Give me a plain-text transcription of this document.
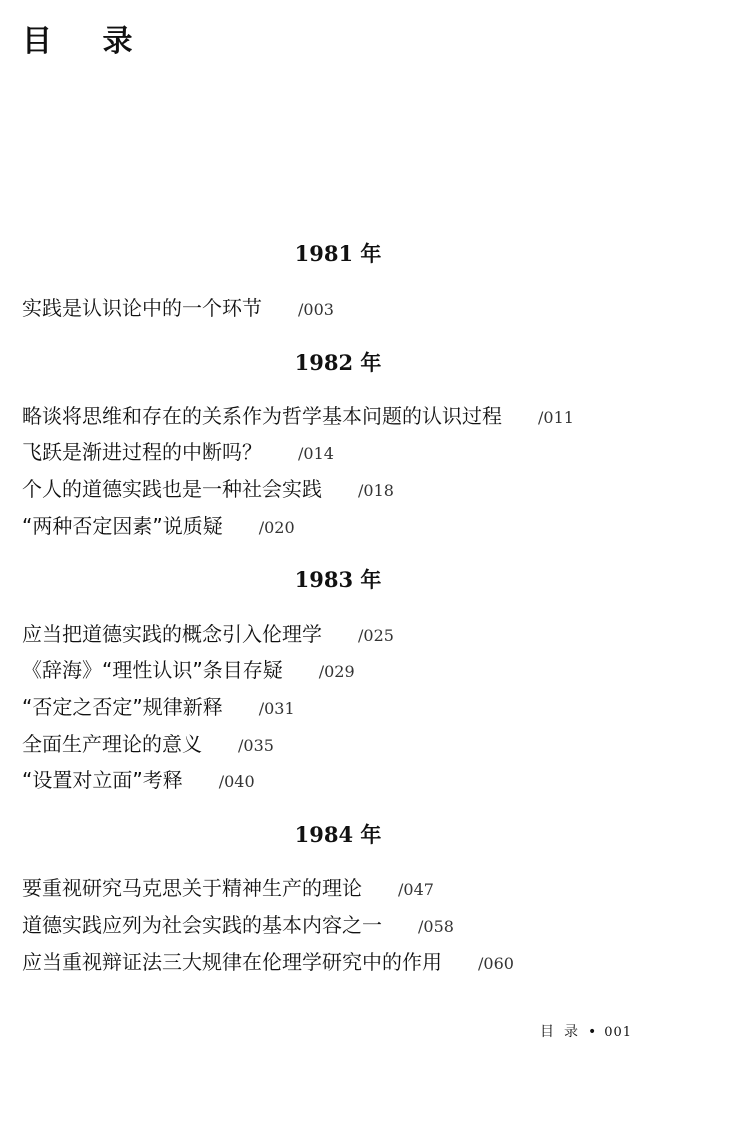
目 录
1981 年
实践是认识论中的一个环节 /003
1982 年
略谈将思维和存在的关系作为哲学基本问题的认识过程 /011
飞跃是渐进过程的中断吗？ /014
个人的道德实践也是一种社会实践 /018
“两种否定因素”说质疑 /020
1983 年
应当把道德实践的概念引入伦理学 /025
《辞海》“理性认识”条目存疑 /029
“否定之否定”规律新释 /031
全面生产理论的意义 /035
“设置对立面”考释 /040
1984 年
要重视研究马克思关于精神生产的理论 /047
道德实践应列为社会实践的基本内容之一 /058
应当重视辩证法三大规律在伦理学研究中的作用 /060
目录• 001
